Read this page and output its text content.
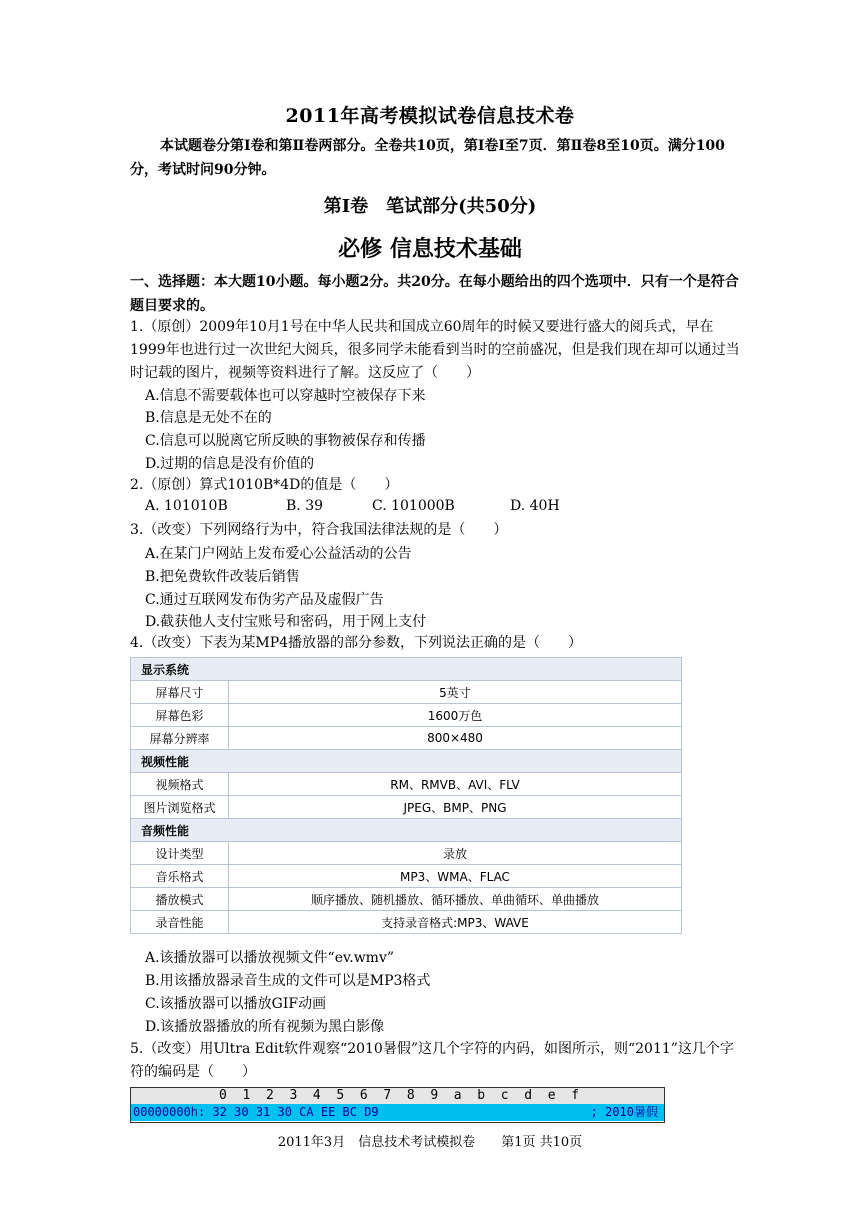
2011年高考模拟试卷信息技术卷
本试题卷分第Ⅰ卷和第Ⅱ卷两部分。全卷共10页，第Ⅰ卷Ⅰ至7页．第Ⅱ卷8至10页。满分100分，考试时问90分钟。
第Ⅰ卷　笔试部分(共50分)
必修 信息技术基础
一、选择题：本大题10小题。每小题2分。共20分。在每小题给出的四个选项中．只有一个是符合题目要求的。
1.（原创）2009年10月1号在中华人民共和国成立60周年的时候又要进行盛大的阅兵式，早在1999年也进行过一次世纪大阅兵，很多同学未能看到当时的空前盛况，但是我们现在却可以通过当时记载的图片，视频等资料进行了解。这反应了（　　）
A.信息不需要载体也可以穿越时空被保存下来
B.信息是无处不在的
C.信息可以脱离它所反映的事物被保存和传播
D.过期的信息是没有价值的
2.（原创）算式1010B*4D的值是（　　）
A. 101010B	B. 39	C. 101000B	D. 40H
3.（改变）下列网络行为中，符合我国法律法规的是（　　）
A.在某门户网站上发布爱心公益活动的公告
B.把免费软件改装后销售
C.通过互联网发布伪劣产品及虚假广告
D.截获他人支付宝账号和密码，用于网上支付
4.（改变）下表为某MP4播放器的部分参数，下列说法正确的是（　　）
显示系统	
屏幕尺寸	5英寸
屏幕色彩	1600万色
屏幕分辨率	800×480
视频性能	
视频格式	RM、RMVB、AVI、FLV
图片浏览格式	JPEG、BMP、PNG
音频性能	
设计类型	录放
音乐格式	MP3、WMA、FLAC
播放模式	顺序播放、随机播放、循环播放、单曲循环、单曲播放
录音性能	支持录音格式:MP3、WAVE
A.该播放器可以播放视频文件“ev.wmv”
B.用该播放器录音生成的文件可以是MP3格式
C.该播放器可以播放GIF动画
D.该播放器播放的所有视频为黑白影像
5.（改变）用Ultra Edit软件观察“2010暑假”这几个字符的内码，如图所示，则“2011”这几个字符的编码是（　　）
0  1  2  3  4  5  6  7  8  9  a  b  c  d  e  f
00000000h: 32 30 31 30 CA EE BC D9	; 2010暑假
2011年3月　信息技术考试模拟卷　　第1页 共10页
